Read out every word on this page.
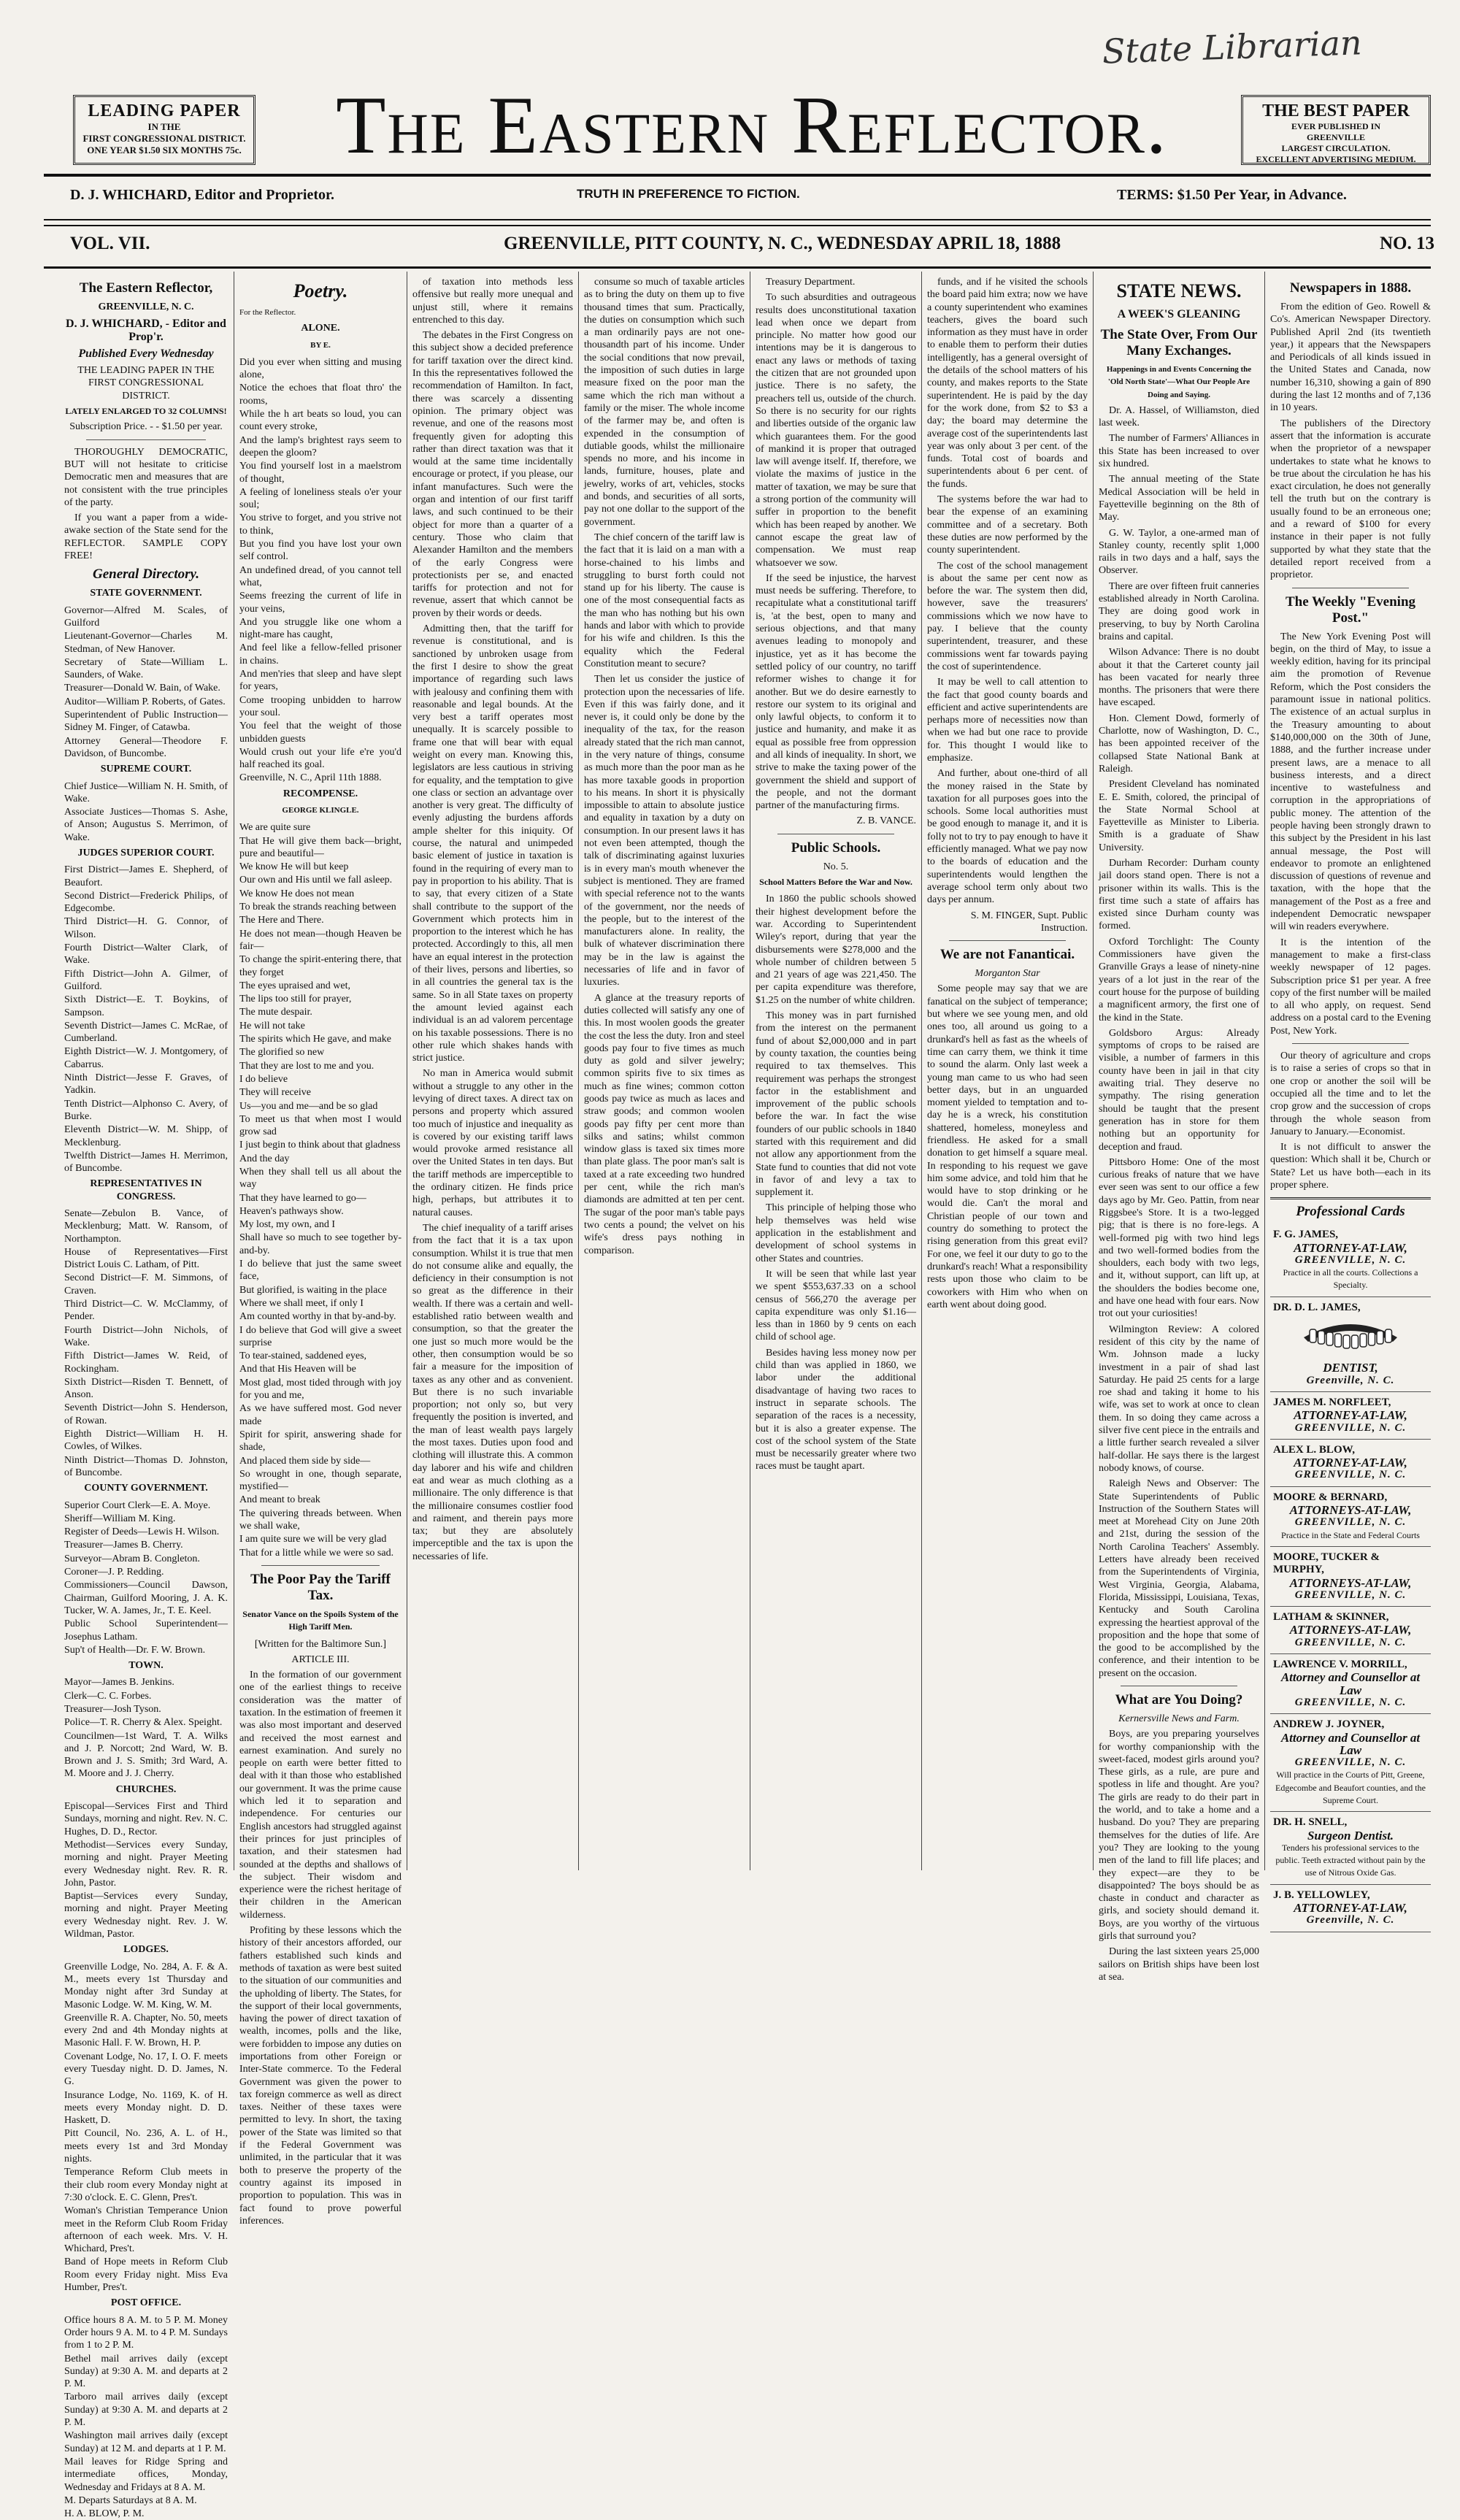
State Librarian
LEADING PAPER
IN THE
FIRST CONGRESSIONAL DISTRICT.
ONE YEAR $1.50 SIX MONTHS 75c.	The Eastern Reflector.	THE BEST PAPER
EVER PUBLISHED IN
GREENVILLE
LARGEST CIRCULATION.
EXCELLENT ADVERTISING MEDIUM.
D. J. WHICHARD, Editor and Proprietor.	TRUTH IN PREFERENCE TO FICTION.	TERMS: $1.50 Per Year, in Advance.
VOL. VII.	GREENVILLE, PITT COUNTY, N. C., WEDNESDAY APRIL 18, 1888	NO. 13
The Eastern Reflector,
GREENVILLE, N. C.
D. J. WHICHARD, - Editor and Prop'r.
Published Every Wednesday

THE LEADING PAPER IN THE FIRST CONGRESSIONAL DISTRICT.

LATELY ENLARGED TO 32 COLUMNS!

Subscription Price. - - $1.50 per year.

THOROUGHLY DEMOCRATIC, BUT will not hesitate to criticise Democratic men and measures that are not consistent with the true principles of the party.

If you want a paper from a wide-awake section of the State send for the REFLECTOR. SAMPLE COPY FREE!

General Directory.
STATE GOVERNMENT.
Governor—Alfred M. Scales, of Guilford
Lieutenant-Governor—Charles M. Stedman, of New Hanover.
Secretary of State—William L. Saunders, of Wake.
Treasurer—Donald W. Bain, of Wake.
Auditor—William P. Roberts, of Gates.
Superintendent of Public Instruction—Sidney M. Finger, of Catawba.
Attorney General—Theodore F. Davidson, of Buncombe.
SUPREME COURT.
Chief Justice—William N. H. Smith, of Wake.
Associate Justices—Thomas S. Ashe, of Anson; Augustus S. Merrimon, of Wake.
JUDGES SUPERIOR COURT.
First District—James E. Shepherd, of Beaufort.
Second District—Frederick Philips, of Edgecombe.
Third District—H. G. Connor, of Wilson.
Fourth District—Walter Clark, of Wake.
Fifth District—John A. Gilmer, of Guilford.
Sixth District—E. T. Boykins, of Sampson.
Seventh District—James C. McRae, of Cumberland.
Eighth District—W. J. Montgomery, of Cabarrus.
Ninth District—Jesse F. Graves, of Yadkin.
Tenth District—Alphonso C. Avery, of Burke.
Eleventh District—W. M. Shipp, of Mecklenburg.
Twelfth District—James H. Merrimon, of Buncombe.
REPRESENTATIVES IN CONGRESS.
Senate—Zebulon B. Vance, of Mecklenburg; Matt. W. Ransom, of Northampton.
House of Representatives—First District Louis C. Latham, of Pitt.
Second District—F. M. Simmons, of Craven.
Third District—C. W. McClammy, of Pender.
Fourth District—John Nichols, of Wake.
Fifth District—James W. Reid, of Rockingham.
Sixth District—Risden T. Bennett, of Anson.
Seventh District—John S. Henderson, of Rowan.
Eighth District—William H. H. Cowles, of Wilkes.
Ninth District—Thomas D. Johnston, of Buncombe.
COUNTY GOVERNMENT.
Superior Court Clerk—E. A. Moye.
Sheriff—William M. King.
Register of Deeds—Lewis H. Wilson.
Treasurer—James B. Cherry.
Surveyor—Abram B. Congleton.
Coroner—J. P. Redding.
Commissioners—Council Dawson, Chairman, Guilford Mooring, J. A. K. Tucker, W. A. James, Jr., T. E. Keel.
Public School Superintendent—Josephus Latham.
Sup't of Health—Dr. F. W. Brown.
TOWN.
Mayor—James B. Jenkins.
Clerk—C. C. Forbes.
Treasurer—Josh Tyson.
Police—T. R. Cherry & Alex. Speight.
Councilmen—1st Ward, T. A. Wilks and J. P. Norcott; 2nd Ward, W. B. Brown and J. S. Smith; 3rd Ward, A. M. Moore and J. J. Cherry.
CHURCHES.
Episcopal—Services First and Third Sundays, morning and night. Rev. N. C. Hughes, D. D., Rector.
Methodist—Services every Sunday, morning and night. Prayer Meeting every Wednesday night. Rev. R. R. John, Pastor.
Baptist—Services every Sunday, morning and night. Prayer Meeting every Wednesday night. Rev. J. W. Wildman, Pastor.
LODGES.
Greenville Lodge, No. 284, A. F. & A. M., meets every 1st Thursday and Monday night after 3rd Sunday at Masonic Lodge. W. M. King, W. M.
Greenville R. A. Chapter, No. 50, meets every 2nd and 4th Monday nights at Masonic Hall. F. W. Brown, H. P.
Covenant Lodge, No. 17, I. O. F. meets every Tuesday night. D. D. James, N. G.
Insurance Lodge, No. 1169, K. of H. meets every Monday night. D. D. Haskett, D.
Pitt Council, No. 236, A. L. of H., meets every 1st and 3rd Monday nights.
Temperance Reform Club meets in their club room every Monday night at 7:30 o'clock. E. C. Glenn, Pres't.
Woman's Christian Temperance Union meet in the Reform Club Room Friday afternoon of each week. Mrs. V. H. Whichard, Pres't.
Band of Hope meets in Reform Club Room every Friday night. Miss Eva Humber, Pres't.
POST OFFICE.
Office hours 8 A. M. to 5 P. M. Money Order hours 9 A. M. to 4 P. M. Sundays from 1 to 2 P. M.
Bethel mail arrives daily (except Sunday) at 9:30 A. M. and departs at 2 P. M.
Tarboro mail arrives daily (except Sunday) at 9:30 A. M. and departs at 2 P. M.
Washington mail arrives daily (except Sunday) at 12 M. and departs at 1 P. M.
Mail leaves for Ridge Spring and intermediate offices, Monday, Wednesday and Fridays at 8 A. M.
M. Departs Saturdays at 8 A. M.
H. A. BLOW, P. M.
Poetry.

For the Reflector.

ALONE.
BY E.
Did you ever when sitting and musing alone,
Notice the echoes that float thro' the rooms,
While the h art beats so loud, you can count every stroke,
And the lamp's brightest rays seem to deepen the gloom?
You find yourself lost in a maelstrom of thought,
A feeling of loneliness steals o'er your soul;
You strive to forget, and you strive not to think,
But you find you have lost your own self control.
An undefined dread, of you cannot tell what,
Seems freezing the current of life in your veins,
And you struggle like one whom a night-mare has caught,
And feel like a fellow-felled prisoner in chains.
And men'ries that sleep and have slept for years,
Come trooping unbidden to harrow your soul.
You feel that the weight of those unbidden guests
Would crush out your life e're you'd half reached its goal.
Greenville, N. C., April 11th 1888.
RECOMPENSE.
GEORGE KLINGLE.
We are quite sure
That He will give them back—bright, pure and beautiful—
We know He will but keep
Our own and His until we fall asleep.
We know He does not mean
To break the strands reaching between
The Here and There.
He does not mean—though Heaven be fair—
To change the spirit-entering there, that they forget
The eyes upraised and wet,
The lips too still for prayer,
The mute despair.
He will not take
The spirits which He gave, and make
The glorified so new
That they are lost to me and you.
I do believe
They will receive
Us—you and me—and be so glad
To meet us that when most I would grow sad
I just begin to think about that gladness
And the day
When they shall tell us all about the way
That they have learned to go—
Heaven's pathways show.
My lost, my own, and I
Shall have so much to see together by-and-by.
I do believe that just the same sweet face,
But glorified, is waiting in the place
Where we shall meet, if only I
Am counted worthy in that by-and-by.
I do believe that God will give a sweet surprise
To tear-stained, saddened eyes,
And that His Heaven will be
Most glad, most tided through with joy for you and me,
As we have suffered most. God never made
Spirit for spirit, answering shade for shade,
And placed them side by side—
So wrought in one, though separate, mystified—
And meant to break
The quivering threads between. When we shall wake,
I am quite sure we will be very glad
That for a little while we were so sad.
The Poor Pay the Tariff Tax.
Senator Vance on the Spoils System of the High Tariff Men.

[Written for the Baltimore Sun.]

ARTICLE III.

In the formation of our government one of the earliest things to receive consideration was the matter of taxation. In the estimation of freemen it was also most important and deserved and received the most earnest and earnest examination. And surely no people on earth were better fitted to deal with it than those who established our government. It was the prime cause which led it to separation and independence. For centuries our English ancestors had struggled against their princes for just principles of taxation, and their statesmen had sounded at the depths and shallows of the subject. Their wisdom and experience were the richest heritage of their children in the American wilderness.

Profiting by these lessons which the history of their ancestors afforded, our fathers established such kinds and methods of taxation as were best suited to the situation of our communities and the upholding of liberty. The States, for the support of their local governments, having the power of direct taxation of wealth, incomes, polls and the like, were forbidden to impose any duties on importations from other Foreign or Inter-State commerce. To the Federal Government was given the power to tax foreign commerce as well as direct taxes. Neither of these taxes were permitted to levy. In short, the taxing power of the State was limited so that if the Federal Government was unlimited, in the particular that it was both to preserve the property of the country against its imposed in proportion to population. This was in fact found to prove powerful inferences.

of taxation into methods less offensive but really more unequal and unjust still, where it remains entrenched to this day.

The debates in the First Congress on this subject show a decided preference for tariff taxation over the direct kind. In this the representatives followed the recommendation of Hamilton. In fact, there was scarcely a dissenting opinion. The primary object was revenue, and one of the reasons most frequently given for adopting this rather than direct taxation was that it would at the same time incidentally encourage or protect, if you please, our infant manufactures. Such were the organ and intention of our first tariff laws, and such continued to be their object for more than a quarter of a century. Those who claim that Alexander Hamilton and the members of the early Congress were protectionists per se, and enacted tariffs for protection and not for revenue, assert that which cannot be proven by their words or deeds.

Admitting then, that the tariff for revenue is constitutional, and is sanctioned by unbroken usage from the first I desire to show the great importance of regarding such laws with jealousy and confining them with reasonable and legal bounds. At the very best a tariff operates most unequally. It is scarcely possible to frame one that will bear with equal weight on every man. Knowing this, legislators are less cautious in striving for equality, and the temptation to give one class or section an advantage over another is very great. The difficulty of evenly adjusting the burdens affords ample shelter for this iniquity. Of course, the natural and unimpeded basic element of justice in taxation is found in the requiring of every man to pay in proportion to his ability. That is to say, that every citizen of a State shall contribute to the support of the Government which protects him in proportion to the interest which he has protected. Accordingly to this, all men have an equal interest in the protection of their lives, persons and liberties, so in all countries the general tax is the same. So in all State taxes on property the amount levied against each individual is an ad valorem percentage on his taxable possessions. There is no other rule which shakes hands with strict justice.

No man in America would submit without a struggle to any other in the levying of direct taxes. A direct tax on persons and property which assured too much of injustice and inequality as is covered by our existing tariff laws would provoke armed resistance all over the United States in ten days. But the tariff methods are imperceptible to the ordinary citizen. He finds price high, perhaps, but attributes it to natural causes.

The chief inequality of a tariff arises from the fact that it is a tax upon consumption. Whilst it is true that men do not consume alike and equally, the deficiency in their consumption is not so great as the difference in their wealth. If there was a certain and well-established ratio between wealth and consumption, so that the greater the one just so much more would be the other, then consumption would be so fair a measure for the imposition of taxes as any other and as convenient. But there is no such invariable proportion; not only so, but very frequently the position is inverted, and the man of least wealth pays largely the most taxes. Duties upon food and clothing will illustrate this. A common day laborer and his wife and children eat and wear as much clothing as a millionaire. The only difference is that the millionaire consumes costlier food and raiment, and therein pays more tax; but they are absolutely imperceptible and the tax is upon the necessaries of life.

consume so much of taxable articles as to bring the duty on them up to five thousand times that sum. Practically, the duties on consumption which such a man ordinarily pays are not one-thousandth part of his income. Under the social conditions that now prevail, the imposition of such duties in large measure fixed on the poor man the same which the rich man without a family or the miser. The whole income of the farmer may be, and often is expended in the consumption of dutiable goods, whilst the millionaire spends no more, and his income in lands, furniture, houses, plate and jewelry, works of art, vehicles, stocks and bonds, and securities of all sorts, pay not one dollar to the support of the government.

The chief concern of the tariff law is the fact that it is laid on a man with a horse-chained to his limbs and struggling to burst forth could not stand up for his liberty. The cause is one of the most consequential facts as the man who has nothing but his own hands and labor with which to provide for his wife and children. Is this the equality which the Federal Constitution meant to secure?

Then let us consider the justice of protection upon the necessaries of life. Even if this was fairly done, and it never is, it could only be done by the inequality of the tax, for the reason already stated that the rich man cannot, in the very nature of things, consume as much more than the poor man as he has more taxable goods in proportion to his means. In short it is physically impossible to attain to absolute justice and equality in taxation by a duty on consumption. In our present laws it has not even been attempted, though the talk of discriminating against luxuries is in every man's mouth whenever the subject is mentioned. They are framed with special reference not to the wants of the government, nor the needs of the people, but to the interest of the manufacturers alone. In reality, the bulk of whatever discrimination there may be in the law is against the necessaries of life and in favor of luxuries.

A glance at the treasury reports of duties collected will satisfy any one of this. In most woolen goods the greater the cost the less the duty. Iron and steel goods pay four to five times as much duty as gold and silver jewelry; common spirits five to six times as much as fine wines; common cotton goods pay twice as much as laces and straw goods; and common woolen goods pay fifty per cent more than silks and satins; whilst common window glass is taxed six times more than plate glass. The poor man's salt is taxed at a rate exceeding two hundred per cent, while the rich man's diamonds are admitted at ten per cent. The sugar of the poor man's table pays two cents a pound; the velvet on his wife's dress pays nothing in comparison.

Treasury Department.

To such absurdities and outrageous results does unconstitutional taxation lead when once we depart from principle. No matter how good our intentions may be it is dangerous to enact any laws or methods of taxing the citizen that are not grounded upon justice. There is no safety, the preachers tell us, outside of the church. So there is no security for our rights and liberties outside of the organic law which guarantees them. For the good of mankind it is proper that outraged law will avenge itself. If, therefore, we violate the maxims of justice in the matter of taxation, we may be sure that a strong portion of the community will suffer in proportion to the benefit which has been reaped by another. We cannot escape the great law of compensation. We must reap whatsoever we sow.

If the seed be injustice, the harvest must needs be suffering. Therefore, to recapitulate what a constitutional tariff is, 'at the best, open to many and serious objections, and that many avenues leading to monopoly and injustice, yet as it has become the settled policy of our country, no tariff reformer wishes to change it for another. But we do desire earnestly to restore our system to its original and only lawful objects, to conform it to justice and humanity, and make it as equal as possible free from oppression and all kinds of inequality. In short, we strive to make the taxing power of the government the shield and support of the people, and not the dormant partner of the manufacturing firms.

Z. B. VANCE.

Public Schools.

No. 5.

School Matters Before the War and Now.

In 1860 the public schools showed their highest development before the war. According to Superintendent Wiley's report, during that year the disbursements were $278,000 and the whole number of children between 5 and 21 years of age was 221,450. The per capita expenditure was therefore, $1.25 on the number of white children.

This money was in part furnished from the interest on the permanent fund of about $2,000,000 and in part by county taxation, the counties being required to tax themselves. This requirement was perhaps the strongest factor in the establishment and improvement of the public schools before the war. In fact the wise founders of our public schools in 1840 started with this requirement and did not allow any apportionment from the State fund to counties that did not vote in favor of and levy a tax to supplement it.

This principle of helping those who help themselves was held wise application in the establishment and development of school systems in other States and countries.

It will be seen that while last year we spent $553,637.33 on a school census of 566,270 the average per capita expenditure was only $1.16—less than in 1860 by 9 cents on each child of school age.

Besides having less money now per child than was applied in 1860, we labor under the additional disadvantage of having two races to instruct in separate schools. The separation of the races is a necessity, but it is also a greater expense. The cost of the school system of the State must be necessarily greater where two races must be taught apart.

funds, and if he visited the schools the board paid him extra; now we have a county superintendent who examines teachers, gives the board such information as they must have in order to enable them to perform their duties intelligently, has a general oversight of the details of the school matters of his county, and makes reports to the State superintendent. He is paid by the day for the work done, from $2 to $3 a day; the board may determine the average cost of the superintendents last year was only about 3 per cent. of the funds. Total cost of boards and superintendents about 6 per cent. of the funds.

The systems before the war had to bear the expense of an examining committee and of a secretary. Both these duties are now performed by the county superintendent.

The cost of the school management is about the same per cent now as before the war. The system then did, however, save the treasurers' commissions which we now have to pay. I believe that the county superintendent, treasurer, and these commissions went far towards paying the cost of superintendence.

It may be well to call attention to the fact that good county boards and efficient and active superintendents are perhaps more of necessities now than when we had but one race to provide for. This thought I would like to emphasize.

And further, about one-third of all the money raised in the State by taxation for all purposes goes into the schools. Some local authorities must be good enough to manage it, and it is folly not to try to pay enough to have it efficiently managed. What we pay now to the boards of education and the superintendents would lengthen the average school term only about two days per annum.

S. M. FINGER, Supt. Public Instruction.

We are not Fananticai.

Morganton Star

Some people may say that we are fanatical on the subject of temperance; but where we see young men, and old ones too, all around us going to a drunkard's hell as fast as the wheels of time can carry them, we think it time to sound the alarm. Only last week a young man came to us who had seen better days, but in an unguarded moment yielded to temptation and to-day he is a wreck, his constitution shattered, homeless, moneyless and friendless. He asked for a small donation to get himself a square meal. In responding to his request we gave him some advice, and told him that he would have to stop drinking or he would die. Can't the moral and Christian people of our town and country do something to protect the rising generation from this great evil? For one, we feel it our duty to go to the drunkard's reach! What a responsibility rests upon those who claim to be coworkers with Him who when on earth went about doing good.

STATE NEWS.
A WEEK'S GLEANING
The State Over, From Our Many Exchanges.

Happenings in and Events Concerning the 'Old North State'—What Our People Are Doing and Saying.

Dr. A. Hassel, of Williamston, died last week.

The number of Farmers' Alliances in this State has been increased to over six hundred.

The annual meeting of the State Medical Association will be held in Fayetteville beginning on the 8th of May.

G. W. Taylor, a one-armed man of Stanley county, recently split 1,000 rails in two days and a half, says the Observer.

There are over fifteen fruit canneries established already in North Carolina. They are doing good work in preserving, to buy by North Carolina brains and capital.

Wilson Advance: There is no doubt about it that the Carteret county jail has been vacated for nearly three months. The prisoners that were there have escaped.

Hon. Clement Dowd, formerly of Charlotte, now of Washington, D. C., has been appointed receiver of the collapsed State National Bank at Raleigh.

President Cleveland has nominated E. E. Smith, colored, the principal of the State Normal School at Fayetteville as Minister to Liberia. Smith is a graduate of Shaw University.

Durham Recorder: Durham county jail doors stand open. There is not a prisoner within its walls. This is the first time such a state of affairs has existed since Durham county was formed.

Oxford Torchlight: The County Commissioners have given the Granville Grays a lease of ninety-nine years of a lot just in the rear of the court house for the purpose of building a magnificent armory, the first one of the kind in the State.

Goldsboro Argus: Already symptoms of crops to be raised are visible, a number of farmers in this county have been in jail in that city awaiting trial. They deserve no sympathy. The rising generation should be taught that the present generation has in store for them nothing but an opportunity for deception and fraud.

Pittsboro Home: One of the most curious freaks of nature that we have ever seen was sent to our office a few days ago by Mr. Geo. Pattin, from near Riggsbee's Store. It is a two-legged pig; that is there is no fore-legs. A well-formed pig with two hind legs and two well-formed bodies from the shoulders, each body with two legs, and it, without support, can lift up, at the shoulders the bodies become one, and have one head with four ears. Now trot out your curiosities!

Wilmington Review: A colored resident of this city by the name of Wm. Johnson made a lucky investment in a pair of shad last Saturday. He paid 25 cents for a large roe shad and taking it home to his wife, was set to work at once to clean them. In so doing they came across a silver five cent piece in the entrails and a little further search revealed a silver half-dollar. He says there is the largest nobody knows, of course.

Raleigh News and Observer: The State Superintendents of Public Instruction of the Southern States will meet at Morehead City on June 20th and 21st, during the session of the North Carolina Teachers' Assembly. Letters have already been received from the Superintendents of Virginia, West Virginia, Georgia, Alabama, Florida, Mississippi, Louisiana, Texas, Kentucky and South Carolina expressing the heartiest approval of the proposition and the hope that some of the good to be accomplished by the conference, and their intention to be present on the occasion.

What are You Doing?

Kernersville News and Farm.

Boys, are you preparing yourselves for worthy companionship with the sweet-faced, modest girls around you? These girls, as a rule, are pure and spotless in life and thought. Are you? The girls are ready to do their part in the world, and to take a home and a husband. Do you? They are preparing themselves for the duties of life. Are you? They are looking to the young men of the land to fill life places; and they expect—are they to be disappointed? The boys should be as chaste in conduct and character as girls, and society should demand it. Boys, are you worthy of the virtuous girls that surround you?

During the last sixteen years 25,000 sailors on British ships have been lost at sea.

Newspapers in 1888.

From the edition of Geo. Rowell & Co's. American Newspaper Directory. Published April 2nd (its twentieth year,) it appears that the Newspapers and Periodicals of all kinds issued in the United States and Canada, now number 16,310, showing a gain of 890 during the last 12 months and of 7,136 in 10 years.

The publishers of the Directory assert that the information is accurate when the proprietor of a newspaper undertakes to state what he knows to be true about the circulation he has his exact circulation, he does not generally tell the truth but on the contrary is usually found to be an erroneous one; and a reward of $100 for every instance in their paper is not fully supported by what they state that the detailed report received from a proprietor.

The Weekly "Evening Post."

The New York Evening Post will begin, on the third of May, to issue a weekly edition, having for its principal aim the promotion of Revenue Reform, which the Post considers the paramount issue in national politics. The existence of an actual surplus in the Treasury amounting to about $140,000,000 on the 30th of June, 1888, and the further increase under present laws, are a menace to all business interests, and a direct incentive to wastefulness and corruption in the appropriations of public money. The attention of the people having been strongly drawn to this subject by the President in his last annual message, the Post will endeavor to promote an enlightened discussion of questions of revenue and taxation, with the hope that the management of the Post as a free and independent Democratic newspaper will win readers everywhere.

It is the intention of the management to make a first-class weekly newspaper of 12 pages. Subscription price $1 per year. A free copy of the first number will be mailed to all who apply, on request. Send address on a postal card to the Evening Post, New York.

Our theory of agriculture and crops is to raise a series of crops so that in one crop or another the soil will be occupied all the time and to let the crop grow and the succession of crops through the whole season from January to January.—Economist.

It is not difficult to answer the question: Which shall it be, Church or State? Let us have both—each in its proper sphere.

Professional Cards
F. G. JAMES,
ATTORNEY-AT-LAW,
GREENVILLE, N. C.
Practice in all the courts. Collections a Specialty.
DR. D. L. JAMES,
DENTIST,
Greenville, N. C.
JAMES M. NORFLEET,
ATTORNEY-AT-LAW,
GREENVILLE, N. C.
ALEX L. BLOW,
ATTORNEY-AT-LAW,
GREENVILLE, N. C.
MOORE & BERNARD,
ATTORNEYS-AT-LAW,
GREENVILLE, N. C.
Practice in the State and Federal Courts
MOORE, TUCKER & MURPHY,
ATTORNEYS-AT-LAW,
GREENVILLE, N. C.
LATHAM & SKINNER,
ATTORNEYS-AT-LAW,
GREENVILLE, N. C.
LAWRENCE V. MORRILL,
Attorney and Counsellor at Law
GREENVILLE, N. C.
ANDREW J. JOYNER,
Attorney and Counsellor at Law
GREENVILLE, N. C.
Will practice in the Courts of Pitt, Greene, Edgecombe and Beaufort counties, and the Supreme Court.
DR. H. SNELL,
Surgeon Dentist.
Tenders his professional services to the public. Teeth extracted without pain by the use of Nitrous Oxide Gas.
J. B. YELLOWLEY,
ATTORNEY-AT-LAW,
Greenville, N. C.
